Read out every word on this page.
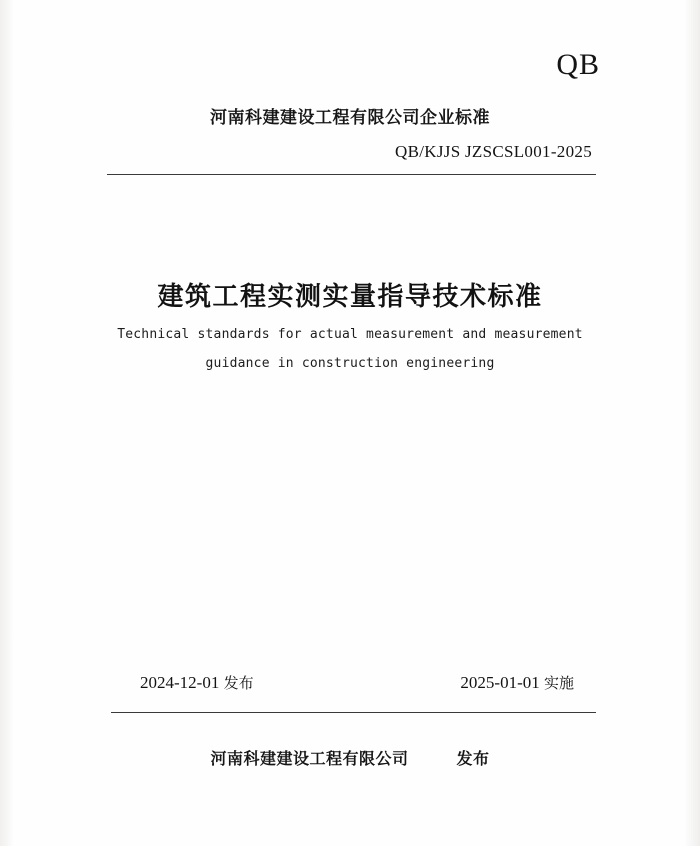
QB
河南科建建设工程有限公司企业标准
QB/KJJS JZSCSL001-2025
建筑工程实测实量指导技术标准
Technical standards for actual measurement and measurement
guidance in construction engineering
2024-12-01 发布	2025-01-01 实施
河南科建建设工程有限公司	发布
